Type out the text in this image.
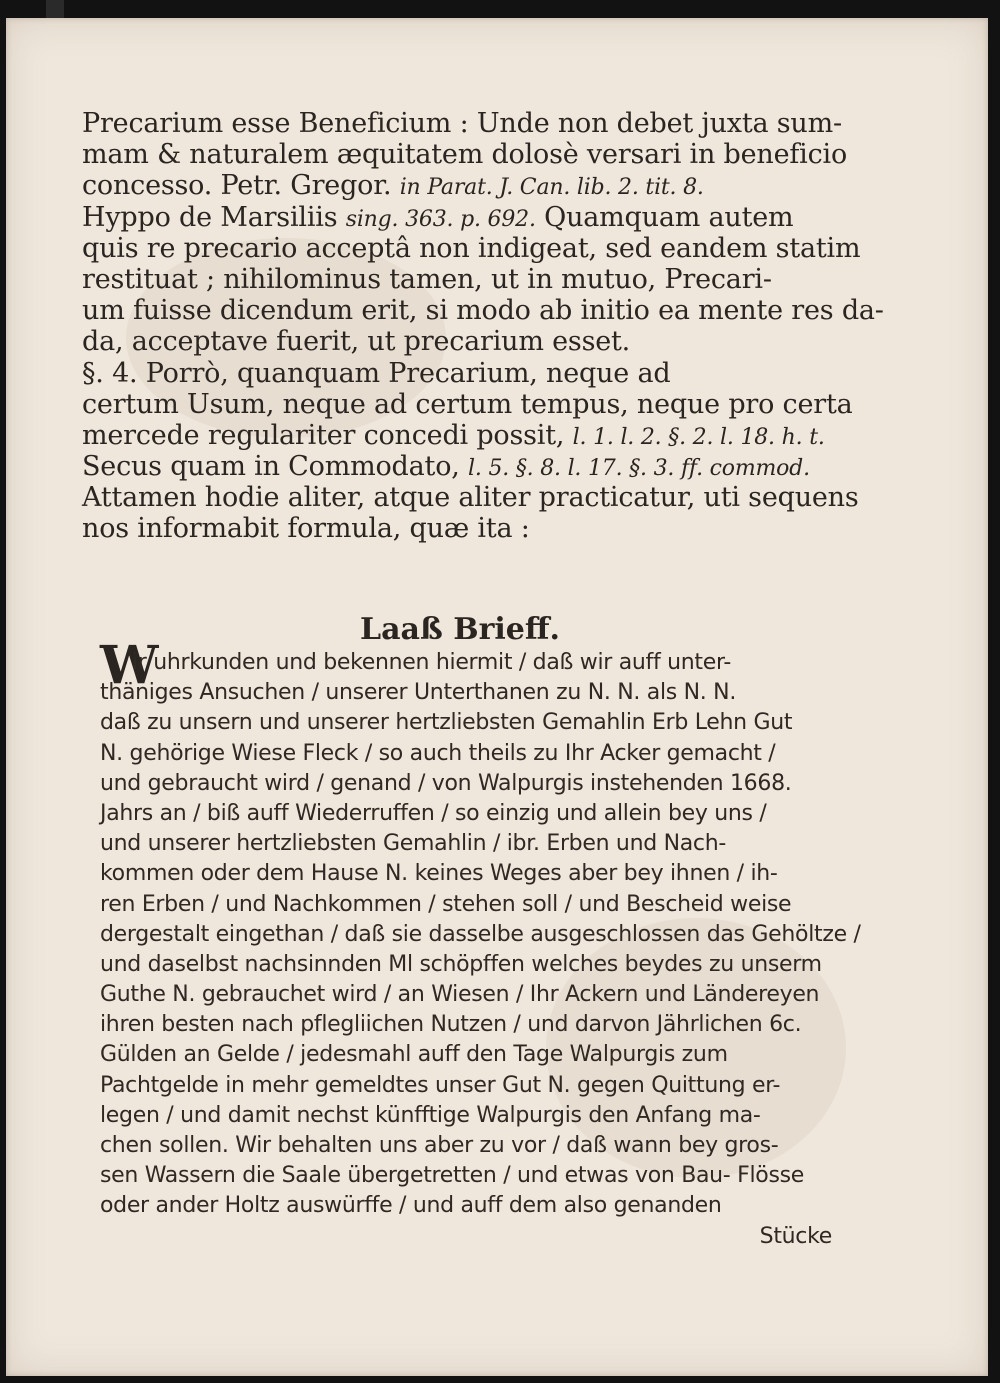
Precarium esse Beneficium : Unde non debet juxta sum-
mam & naturalem æquitatem dolosè versari in beneficio
concesso. Petr. Gregor. in Parat. J. Can. lib. 2. tit. 8.
Hyppo de Marsiliis sing. 363. p. 692. Quamquam autem
quis re precario acceptâ non indigeat, sed eandem statim
restituat ; nihilominus tamen, ut in mutuo, Precari-
um fuisse dicendum erit, si modo ab initio ea mente res da-
da, acceptave fuerit, ut precarium esset.
§. 4. Porrò, quanquam Precarium, neque ad
certum Usum, neque ad certum tempus, neque pro certa
mercede regulariter concedi possit, l. 1. l. 2. §. 2. l. 18. h. t.
Secus quam in Commodato, l. 5. §. 8. l. 17. §. 3. ff. commod.
Attamen hodie aliter, atque aliter practicatur, uti sequens
nos informabit formula, quæ ita :
Laaß Brieff.
W
ir uhrkunden und bekennen hiermit / daß wir auff unter-
thäniges Ansuchen / unserer Unterthanen zu N. N. als N. N.
daß zu unsern und unserer hertzliebsten Gemahlin Erb Lehn Gut
N. gehörige Wiese Fleck / so auch theils zu Ihr Acker gemacht /
und gebraucht wird / genand / von Walpurgis instehenden 1668.
Jahrs an / biß auff Wiederruffen / so einzig und allein bey uns /
und unserer hertzliebsten Gemahlin / ibr. Erben und Nach-
kommen oder dem Hause N. keines Weges aber bey ihnen / ih-
ren Erben / und Nachkommen / stehen soll / und Bescheid weise
dergestalt eingethan / daß sie dasselbe ausgeschlossen das Gehöltze /
und daselbst nachsinnden Ml schöpffen welches beydes zu unserm
Guthe N. gebrauchet wird / an Wiesen / Ihr Ackern und Ländereyen
ihren besten nach pflegliichen Nutzen / und darvon Jährlichen 6c.
Gülden an Gelde / jedesmahl auff den Tage Walpurgis zum
Pachtgelde in mehr gemeldtes unser Gut N. gegen Quittung er-
legen / und damit nechst künfftige Walpurgis den Anfang ma-
chen sollen. Wir behalten uns aber zu vor / daß wann bey gros-
sen Wassern die Saale übergetretten / und etwas von Bau- Flösse
oder ander Holtz auswürffe / und auff dem also genanden
Stücke
